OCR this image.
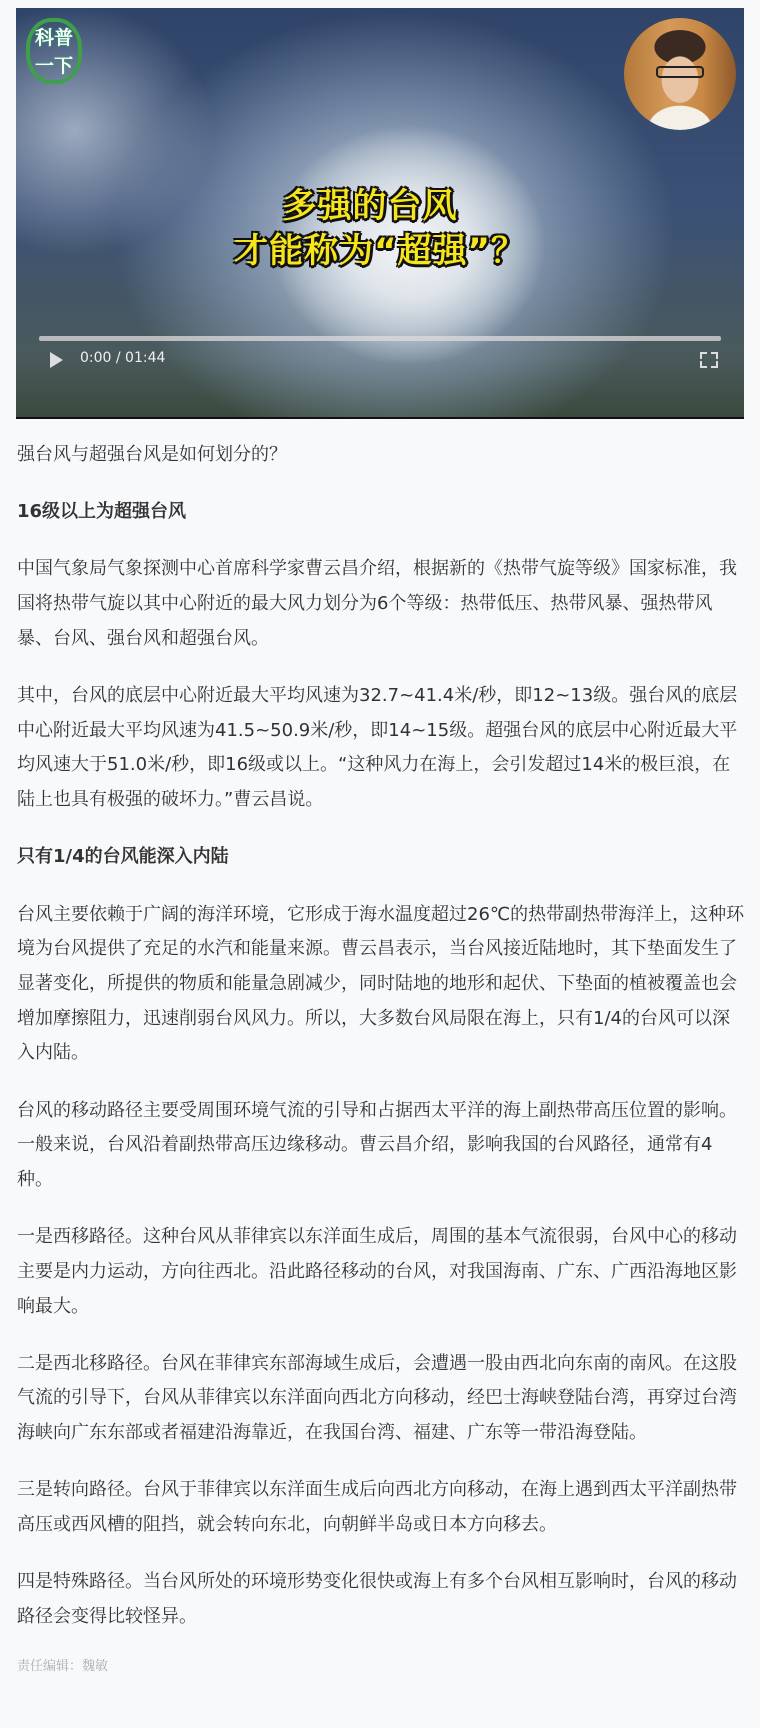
科普
一下
多强的台风
才能称为“超强”？
0:00 / 01:44

强台风与超强台风是如何划分的？

16级以上为超强台风

中国气象局气象探测中心首席科学家曹云昌介绍，根据新的《热带气旋等级》国家标准，我国将热带气旋以其中心附近的最大风力划分为6个等级：热带低压、热带风暴、强热带风暴、台风、强台风和超强台风。

其中，台风的底层中心附近最大平均风速为32.7~41.4米/秒，即12~13级。强台风的底层中心附近最大平均风速为41.5~50.9米/秒，即14~15级。超强台风的底层中心附近最大平均风速大于51.0米/秒，即16级或以上。“这种风力在海上，会引发超过14米的极巨浪，在陆上也具有极强的破坏力。”曹云昌说。

只有1/4的台风能深入内陆

台风主要依赖于广阔的海洋环境，它形成于海水温度超过26℃的热带副热带海洋上，这种环境为台风提供了充足的水汽和能量来源。曹云昌表示，当台风接近陆地时，其下垫面发生了显著变化，所提供的物质和能量急剧减少，同时陆地的地形和起伏、下垫面的植被覆盖也会增加摩擦阻力，迅速削弱台风风力。所以，大多数台风局限在海上，只有1/4的台风可以深入内陆。

台风的移动路径主要受周围环境气流的引导和占据西太平洋的海上副热带高压位置的影响。一般来说，台风沿着副热带高压边缘移动。曹云昌介绍，影响我国的台风路径，通常有4种。

一是西移路径。这种台风从菲律宾以东洋面生成后，周围的基本气流很弱，台风中心的移动主要是内力运动，方向往西北。沿此路径移动的台风，对我国海南、广东、广西沿海地区影响最大。

二是西北移路径。台风在菲律宾东部海域生成后，会遭遇一股由西北向东南的南风。在这股气流的引导下，台风从菲律宾以东洋面向西北方向移动，经巴士海峡登陆台湾，再穿过台湾海峡向广东东部或者福建沿海靠近，在我国台湾、福建、广东等一带沿海登陆。

三是转向路径。台风于菲律宾以东洋面生成后向西北方向移动，在海上遇到西太平洋副热带高压或西风槽的阻挡，就会转向东北，向朝鲜半岛或日本方向移去。

四是特殊路径。当台风所处的环境形势变化很快或海上有多个台风相互影响时，台风的移动路径会变得比较怪异。

责任编辑：魏敏
